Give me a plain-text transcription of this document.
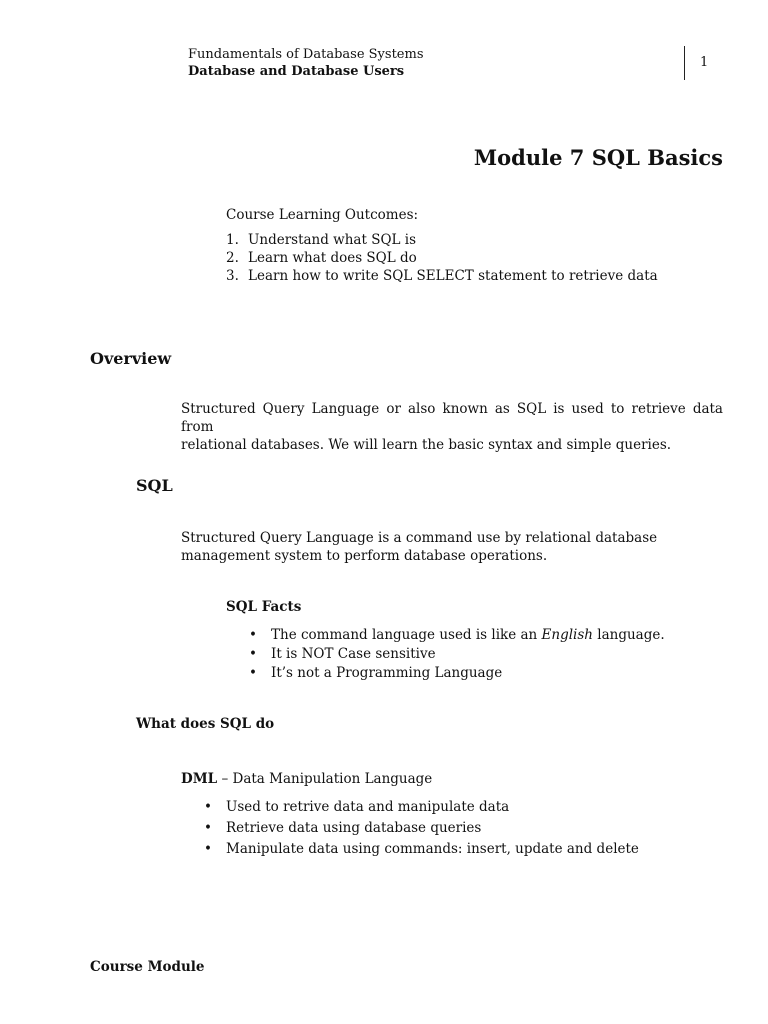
Fundamentals of Database Systems
Database and Database Users
1
Module 7 SQL Basics
Course Learning Outcomes:
1. Understand what SQL is
2. Learn what does SQL do
3. Learn how to write SQL SELECT statement to retrieve data
Overview
Structured Query Language or also known as SQL is used to retrieve data from
relational databases. We will learn the basic syntax and simple queries.
SQL
Structured Query Language is a command use by relational database management system to perform database operations.
SQL Facts
• The command language used is like an English language.
• It is NOT Case sensitive
• It’s not a Programming Language
What does SQL do
DML – Data Manipulation Language
• Used to retrive data and manipulate data
• Retrieve data using database queries
• Manipulate data using commands: insert, update and delete
Course Module
